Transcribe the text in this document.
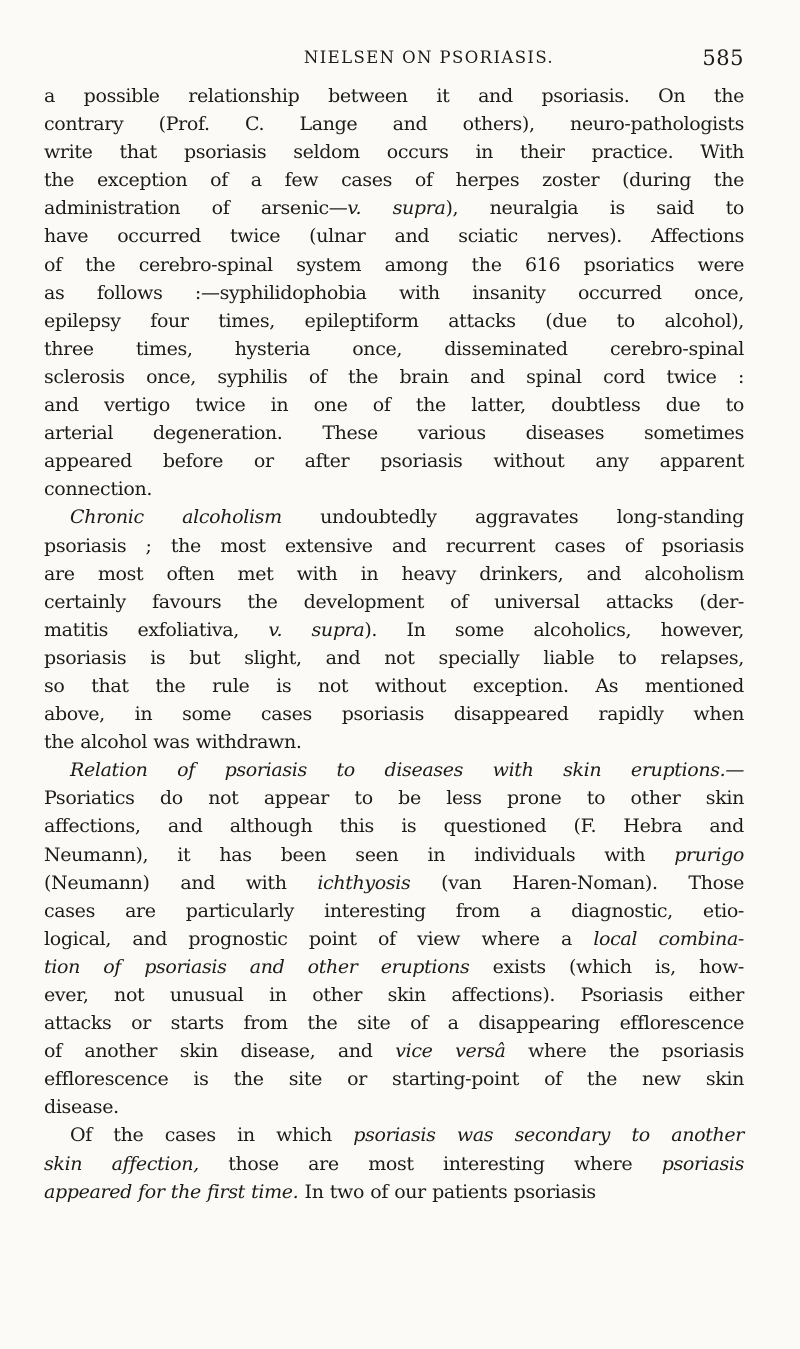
NIELSEN ON PSORIASIS.	585
a possible relationship between it and psoriasis. On the
contrary (Prof. C. Lange and others), neuro-pathologists
write that psoriasis seldom occurs in their practice. With
the exception of a few cases of herpes zoster (during the
administration of arsenic—v. supra), neuralgia is said to
have occurred twice (ulnar and sciatic nerves). Affections
of the cerebro-spinal system among the 616 psoriatics were
as follows :—syphilidophobia with insanity occurred once,
epilepsy four times, epileptiform attacks (due to alcohol),
three times, hysteria once, disseminated cerebro-spinal
sclerosis once, syphilis of the brain and spinal cord twice :
and vertigo twice in one of the latter, doubtless due to
arterial degeneration. These various diseases sometimes
appeared before or after psoriasis without any apparent
connection.
Chronic alcoholism undoubtedly aggravates long-standing
psoriasis ; the most extensive and recurrent cases of psoriasis
are most often met with in heavy drinkers, and alcoholism
certainly favours the development of universal attacks (der-
matitis exfoliativa, v. supra). In some alcoholics, however,
psoriasis is but slight, and not specially liable to relapses,
so that the rule is not without exception. As mentioned
above, in some cases psoriasis disappeared rapidly when
the alcohol was withdrawn.
Relation of psoriasis to diseases with skin eruptions.—
Psoriatics do not appear to be less prone to other skin
affections, and although this is questioned (F. Hebra and
Neumann), it has been seen in individuals with prurigo
(Neumann) and with ichthyosis (van Haren-Noman). Those
cases are particularly interesting from a diagnostic, etio-
logical, and prognostic point of view where a local combina-
tion of psoriasis and other eruptions exists (which is, how-
ever, not unusual in other skin affections). Psoriasis either
attacks or starts from the site of a disappearing efflorescence
of another skin disease, and vice versâ where the psoriasis
efflorescence is the site or starting-point of the new skin
disease.
Of the cases in which psoriasis was secondary to another
skin affection, those are most interesting where psoriasis
appeared for the first time. In two of our patients psoriasis
